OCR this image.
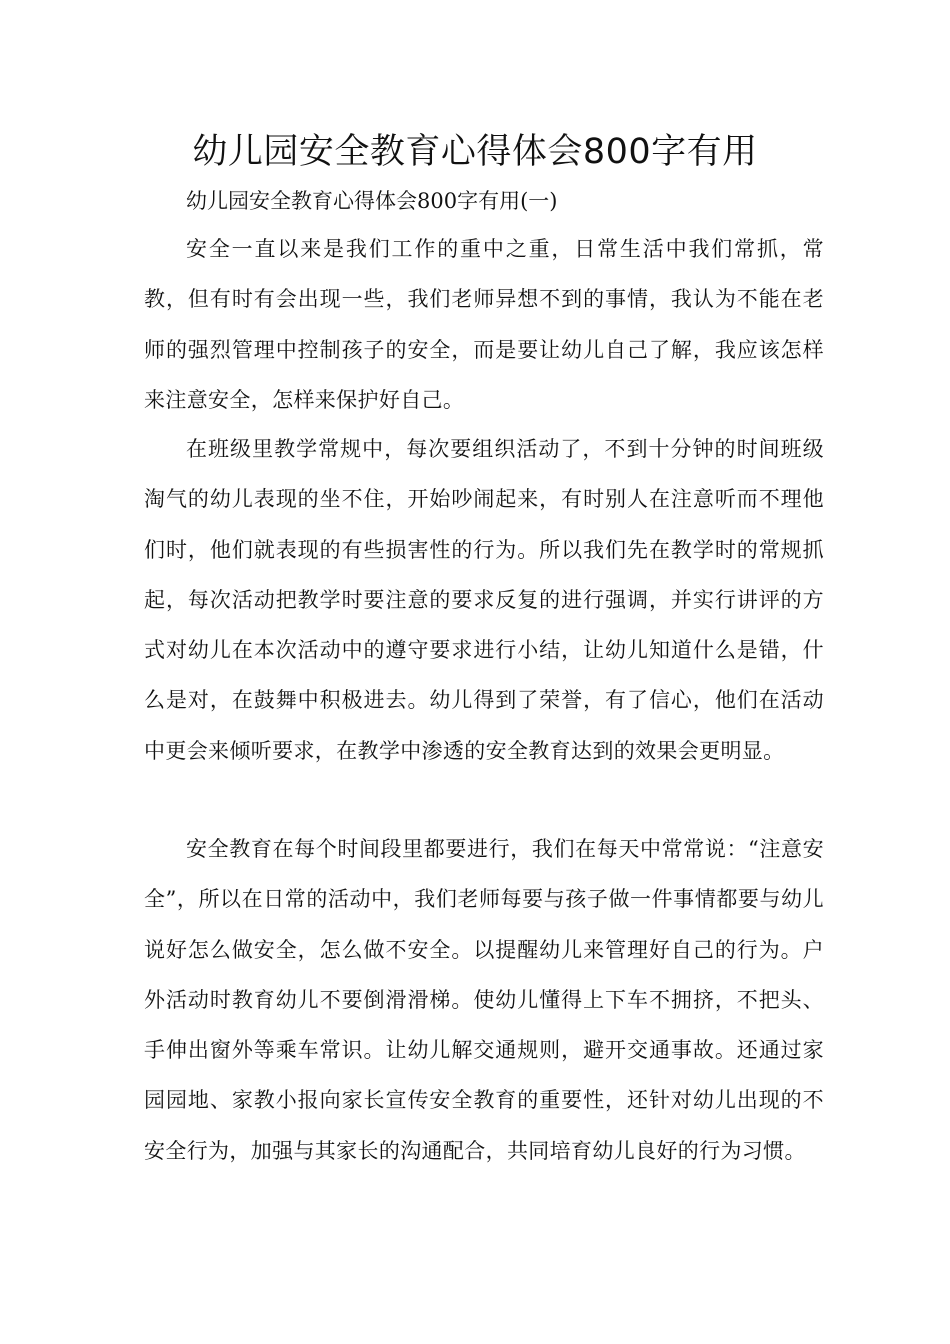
幼儿园安全教育心得体会800字有用

幼儿园安全教育心得体会800字有用(一)

安全一直以来是我们工作的重中之重，日常生活中我们常抓，常教，但有时有会出现一些，我们老师异想不到的事情，我认为不能在老师的强烈管理中控制孩子的安全，而是要让幼儿自己了解，我应该怎样来注意安全，怎样来保护好自己。

在班级里教学常规中，每次要组织活动了，不到十分钟的时间班级淘气的幼儿表现的坐不住，开始吵闹起来，有时别人在注意听而不理他们时，他们就表现的有些损害性的行为。所以我们先在教学时的常规抓起，每次活动把教学时要注意的要求反复的进行强调，并实行讲评的方式对幼儿在本次活动中的遵守要求进行小结，让幼儿知道什么是错，什么是对，在鼓舞中积极进去。幼儿得到了荣誉，有了信心，他们在活动中更会来倾听要求，在教学中渗透的安全教育达到的效果会更明显。

安全教育在每个时间段里都要进行，我们在每天中常常说：“注意安全”，所以在日常的活动中，我们老师每要与孩子做一件事情都要与幼儿说好怎么做安全，怎么做不安全。以提醒幼儿来管理好自己的行为。户外活动时教育幼儿不要倒滑滑梯。使幼儿懂得上下车不拥挤，不把头、手伸出窗外等乘车常识。让幼儿解交通规则，避开交通事故。还通过家园园地、家教小报向家长宣传安全教育的重要性，还针对幼儿出现的不安全行为，加强与其家长的沟通配合，共同培育幼儿良好的行为习惯。
